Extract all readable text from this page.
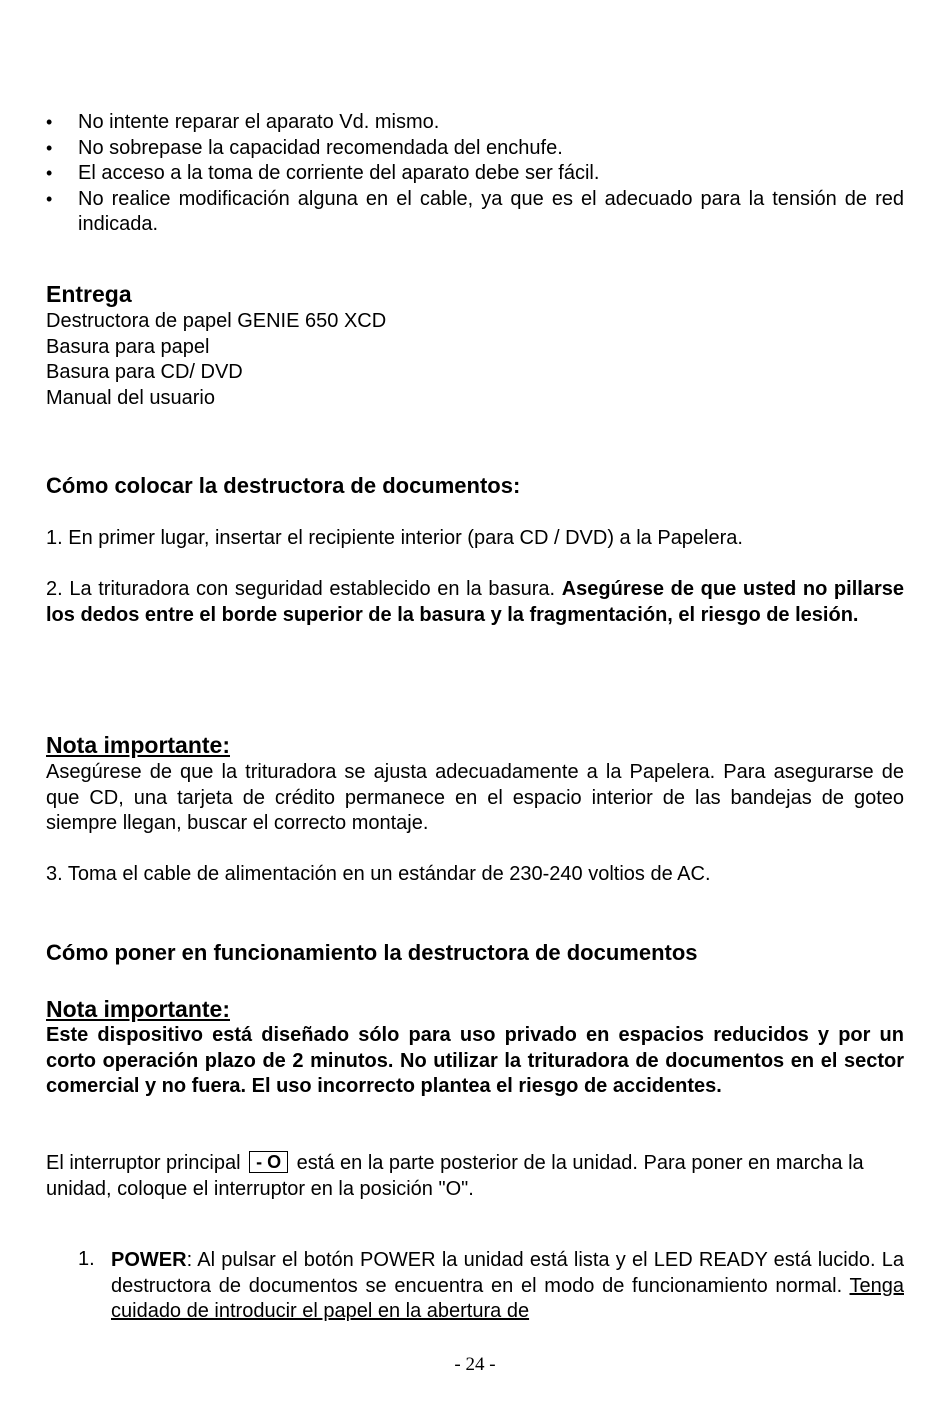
• No intente reparar el aparato Vd. mismo.
• No sobrepase la capacidad recomendada del enchufe.
• El acceso a la toma de corriente del aparato debe ser fácil.
• No realice modificación alguna en el cable, ya que es el adecuado para la tensión de red indicada.
Entrega
Destructora de papel GENIE 650 XCD
Basura para papel
Basura para CD/ DVD
Manual del usuario
Cómo colocar la destructora de documentos:

1. En primer lugar, insertar el recipiente interior (para CD / DVD) a la Papelera.

2. La trituradora con seguridad establecido en la basura. Asegúrese de que usted no pillarse los dedos entre el borde superior de la basura y la fragmentación, el riesgo de lesión.

Nota importante:

Asegúrese de que la trituradora se ajusta adecuadamente a la Papelera. Para asegurarse de que CD, una tarjeta de crédito permanece en el espacio interior de las bandejas de goteo siempre llegan, buscar el correcto montaje.

3. Toma el cable de alimentación en un estándar de 230-240 voltios de AC.

Cómo poner en funcionamiento la destructora de documentos
Nota importante:

Este dispositivo está diseñado sólo para uso privado en espacios reducidos y por un corto operación plazo de 2 minutos. No utilizar la trituradora de documentos en el sector comercial y no fuera. El uso incorrecto plantea el riesgo de accidentes.

El interruptor principal - O está en la parte posterior de la unidad. Para poner en marcha la unidad, coloque el interruptor en la posición "O".

1. POWER: Al pulsar el botón POWER la unidad está lista y el LED READY está lucido. La destructora de documentos se encuentra en el modo de funcionamiento normal. Tenga cuidado de introducir el papel en la abertura de

- 24 -
